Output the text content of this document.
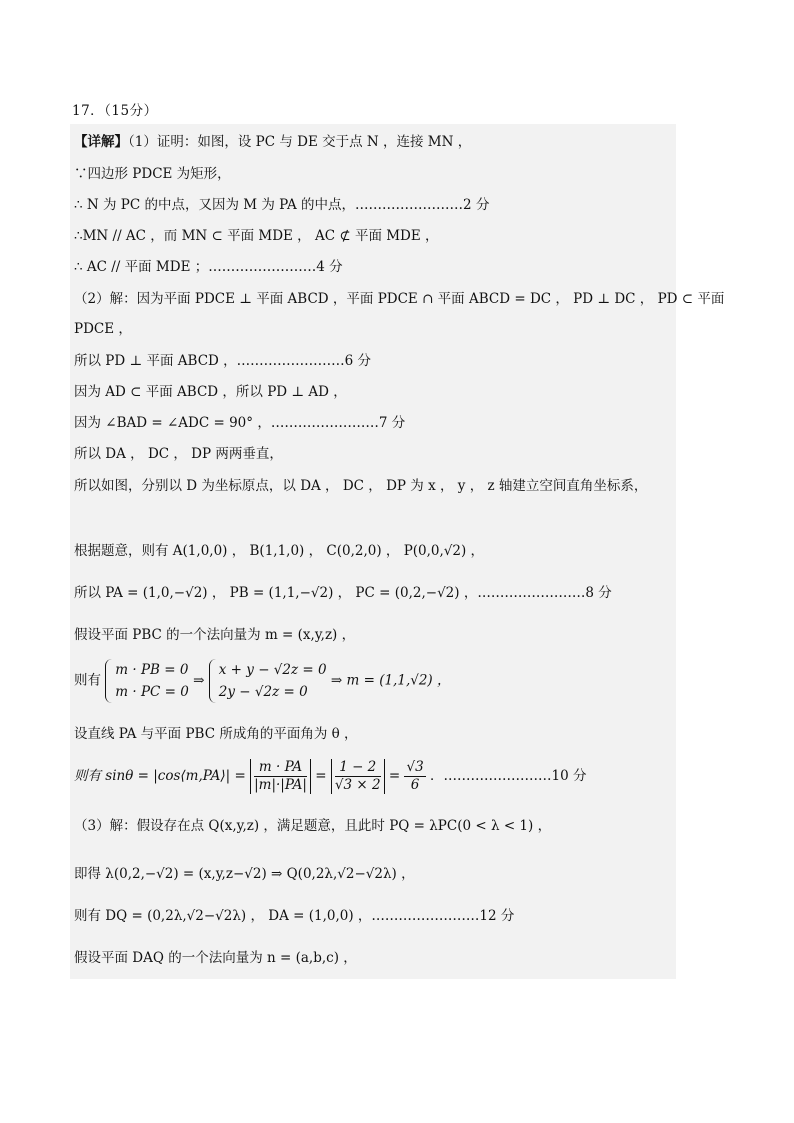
17．（15分）
【详解】（1）证明：如图，设 PC 与 DE 交于点 N ，连接 MN ，
∵四边形 PDCE 为矩形，
∴ N 为 PC 的中点，又因为 M 为 PA 的中点，……………………2 分
∴MN // AC ，而 MN ⊂ 平面 MDE ， AC ⊄ 平面 MDE ，
∴ AC // 平面 MDE ；……………………4 分
（2）解：因为平面 PDCE ⊥ 平面 ABCD ，平面 PDCE ∩ 平面 ABCD = DC ， PD ⊥ DC ， PD ⊂ 平面
PDCE ，
所以 PD ⊥ 平面 ABCD ，……………………6 分
因为 AD ⊂ 平面 ABCD ，所以 PD ⊥ AD ，
因为 ∠BAD = ∠ADC = 90° ，……………………7 分
所以 DA ， DC ， DP 两两垂直，
所以如图，分别以 D 为坐标原点，以 DA ， DC ， DP 为 x ， y ， z 轴建立空间直角坐标系，
根据题意，则有 A(1,0,0) ， B(1,1,0) ， C(0,2,0) ， P(0,0,√2) ，
所以 PA = (1,0,−√2) ， PB = (1,1,−√2) ， PC = (0,2,−√2) ，……………………8 分
假设平面 PBC 的一个法向量为 m = (x,y,z) ，
设直线 PA 与平面 PBC 所成角的平面角为 θ ，
（3）解：假设存在点 Q(x,y,z) ，满足题意，且此时 PQ = λPC(0 < λ < 1) ，
即得 λ(0,2,−√2) = (x,y,z−√2) ⇒ Q(0,2λ,√2−√2λ) ，
则有 DQ = (0,2λ,√2−√2λ) ， DA = (1,0,0) ，……………………12 分
假设平面 DAQ 的一个法向量为 n = (a,b,c) ，
则有
m · PB = 0
m · PC = 0
⇒
x + y − √2z = 0
2y − √2z = 0
⇒ m = (1,1,√2) ，
则有 sinθ = |cos⟨m,PA⟩| = $\frac{m \cdot PA}{|m|\cdot|PA|} = \frac{1 - 2}{√3 \times 2} = \frac{√3}{6}$ ．……………………10 分
